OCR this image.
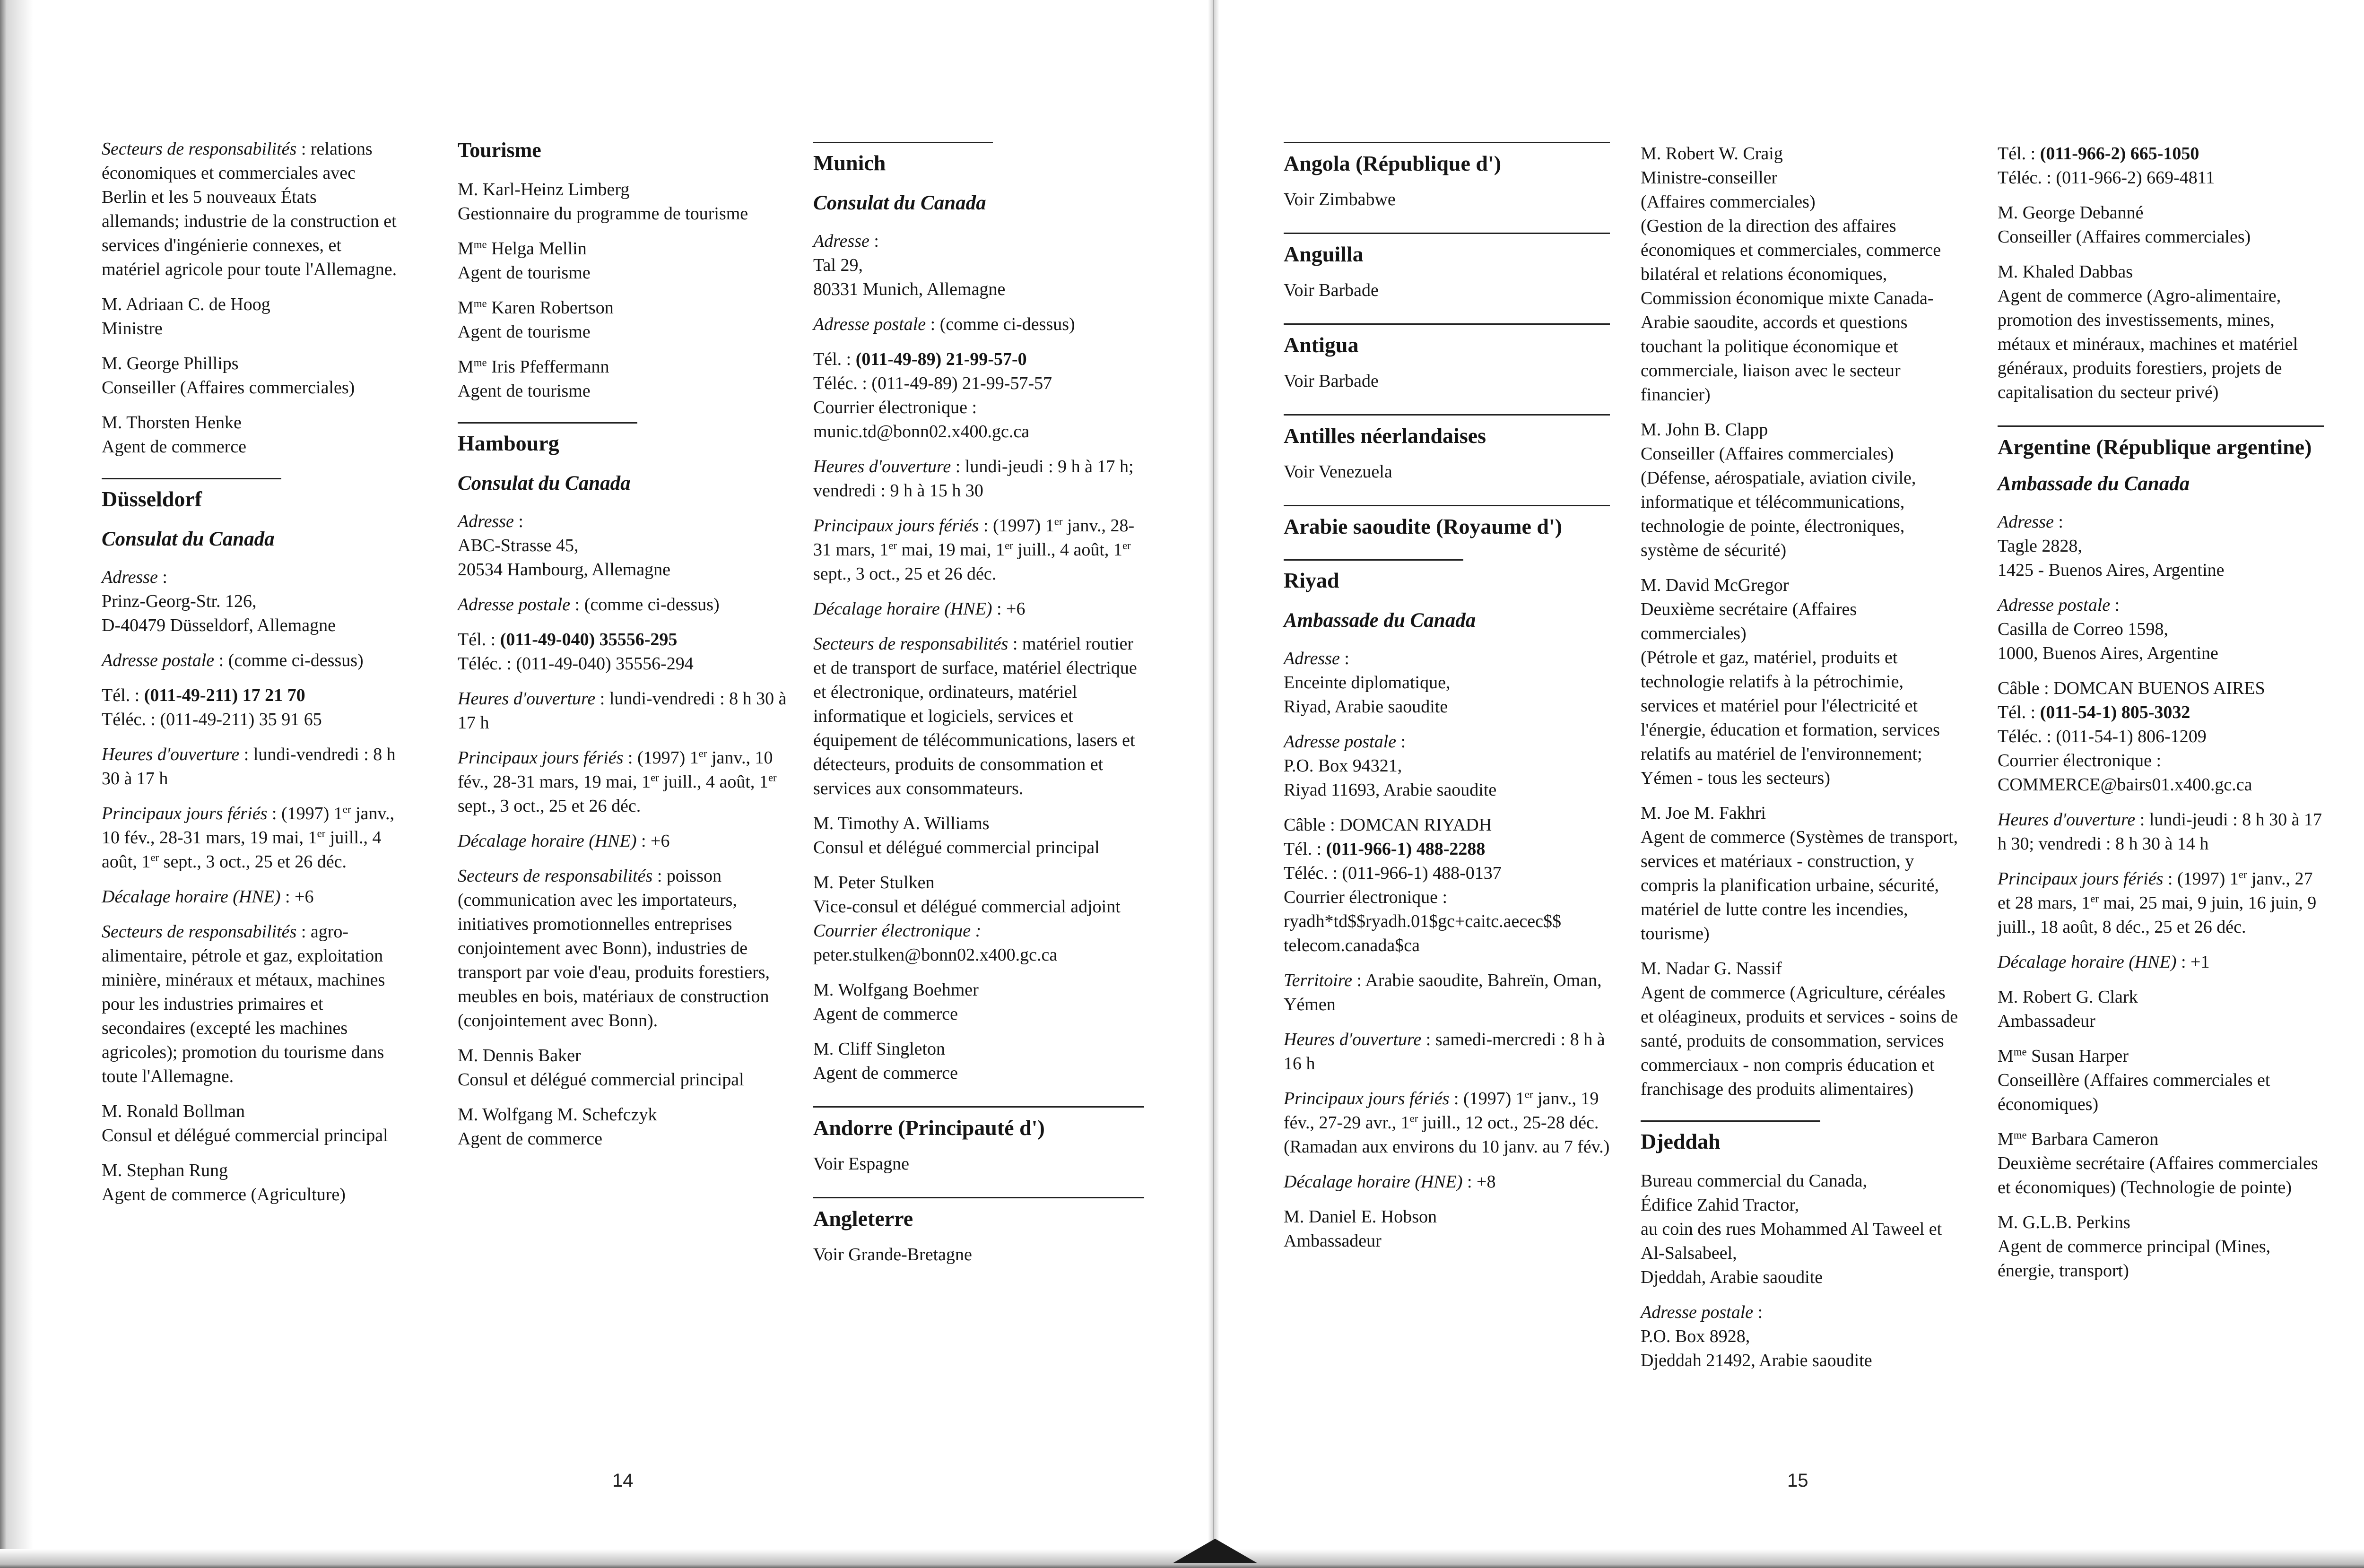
Secteurs de responsabilités : relations économiques et commerciales avec Berlin et les 5 nouveaux États allemands; industrie de la construction et services d'ingénierie connexes, et matériel agricole pour toute l'Allemagne.

M. Adriaan C. de Hoog
Ministre

M. George Phillips
Conseiller (Affaires commerciales)

M. Thorsten Henke
Agent de commerce

Düsseldorf

Consulat du Canada

Adresse :
Prinz-Georg-Str. 126,
D-40479 Düsseldorf, Allemagne

Adresse postale : (comme ci-dessus)

Tél. : (011-49-211) 17 21 70
Téléc. : (011-49-211) 35 91 65

Heures d'ouverture : lundi-vendredi : 8 h 30 à 17 h

Principaux jours fériés : (1997) 1er janv., 10 fév., 28-31 mars, 19 mai, 1er juill., 4 août, 1er sept., 3 oct., 25 et 26 déc.

Décalage horaire (HNE) : +6

Secteurs de responsabilités : agro-alimentaire, pétrole et gaz, exploitation minière, minéraux et métaux, machines pour les industries primaires et secondaires (excepté les machines agricoles); promotion du tourisme dans toute l'Allemagne.

M. Ronald Bollman
Consul et délégué commercial principal

M. Stephan Rung
Agent de commerce (Agriculture)

Tourisme

M. Karl-Heinz Limberg
Gestionnaire du programme de tourisme

$M^{me}$ Helga Mellin
Agent de tourisme

$M^{me}$ Karen Robertson
Agent de tourisme

$M^{me}$ Iris Pfeffermann
Agent de tourisme

Hambourg

Consulat du Canada

Adresse :
ABC-Strasse 45,
20534 Hambourg, Allemagne

Adresse postale : (comme ci-dessus)

Tél. : (011-49-040) 35556-295
Téléc. : (011-49-040) 35556-294

Heures d'ouverture : lundi-vendredi : 8 h 30 à 17 h

Principaux jours fériés : (1997) 1er janv., 10 fév., 28-31 mars, 19 mai, 1er juill., 4 août, 1er sept., 3 oct., 25 et 26 déc.

Décalage horaire (HNE) : +6

Secteurs de responsabilités : poisson (communication avec les importateurs, initiatives promotionnelles entreprises conjointement avec Bonn), industries de transport par voie d'eau, produits forestiers, meubles en bois, matériaux de construction (conjointement avec Bonn).

M. Dennis Baker
Consul et délégué commercial principal

M. Wolfgang M. Schefczyk
Agent de commerce

Munich

Consulat du Canada

Adresse :
Tal 29,
80331 Munich, Allemagne

Adresse postale : (comme ci-dessus)

Tél. : (011-49-89) 21-99-57-0
Téléc. : (011-49-89) 21-99-57-57
Courrier électronique :
munic.td@bonn02.x400.gc.ca

Heures d'ouverture : lundi-jeudi : 9 h à 17 h; vendredi : 9 h à 15 h 30

Principaux jours fériés : (1997) 1er janv., 28-31 mars, 1er mai, 19 mai, 1er juill., 4 août, 1er sept., 3 oct., 25 et 26 déc.

Décalage horaire (HNE) : +6

Secteurs de responsabilités : matériel routier et de transport de surface, matériel électrique et électronique, ordinateurs, matériel informatique et logiciels, services et équipement de télécommunications, lasers et détecteurs, produits de consommation et services aux consommateurs.

M. Timothy A. Williams
Consul et délégué commercial principal

M. Peter Stulken
Vice-consul et délégué commercial adjoint
Courrier électronique :
peter.stulken@bonn02.x400.gc.ca

M. Wolfgang Boehmer
Agent de commerce

M. Cliff Singleton
Agent de commerce

Andorre (Principauté d')

Voir Espagne

Angleterre

Voir Grande-Bretagne

14

Angola (République d')

Voir Zimbabwe

Anguilla

Voir Barbade

Antigua

Voir Barbade

Antilles néerlandaises

Voir Venezuela

Arabie saoudite (Royaume d')

Riyad

Ambassade du Canada

Adresse :
Enceinte diplomatique,
Riyad, Arabie saoudite

Adresse postale :
P.O. Box 94321,
Riyad 11693, Arabie saoudite

Câble : DOMCAN RIYADH
Tél. : (011-966-1) 488-2288
Téléc. : (011-966-1) 488-0137
Courrier électronique :
ryadh*td$$ryadh.01$gc+caitc.aecec$$
telecom.canada$ca

Territoire : Arabie saoudite, Bahreïn, Oman, Yémen

Heures d'ouverture : samedi-mercredi : 8 h à 16 h

Principaux jours fériés : (1997) 1er janv., 19 fév., 27-29 avr., 1er juill., 12 oct., 25-28 déc. (Ramadan aux environs du 10 janv. au 7 fév.)

Décalage horaire (HNE) : +8

M. Daniel E. Hobson
Ambassadeur

M. Robert W. Craig
Ministre-conseiller
(Affaires commerciales)
(Gestion de la direction des affaires économiques et commerciales, commerce bilatéral et relations économiques, Commission économique mixte Canada-Arabie saoudite, accords et questions touchant la politique économique et commerciale, liaison avec le secteur financier)

M. John B. Clapp
Conseiller (Affaires commerciales)
(Défense, aérospatiale, aviation civile, informatique et télécommunications, technologie de pointe, électroniques, système de sécurité)

M. David McGregor
Deuxième secrétaire (Affaires commerciales)
(Pétrole et gaz, matériel, produits et technologie relatifs à la pétrochimie, services et matériel pour l'électricité et l'énergie, éducation et formation, services relatifs au matériel de l'environnement; Yémen - tous les secteurs)

M. Joe M. Fakhri
Agent de commerce (Systèmes de transport, services et matériaux - construction, y compris la planification urbaine, sécurité, matériel de lutte contre les incendies, tourisme)

M. Nadar G. Nassif
Agent de commerce (Agriculture, céréales et oléagineux, produits et services - soins de santé, produits de consommation, services commerciaux - non compris éducation et franchisage des produits alimentaires)

Djeddah

Bureau commercial du Canada,
Édifice Zahid Tractor,
au coin des rues Mohammed Al Taweel et Al-Salsabeel,
Djeddah, Arabie saoudite

Adresse postale :
P.O. Box 8928,
Djeddah 21492, Arabie saoudite

15

Tél. : (011-966-2) 665-1050
Téléc. : (011-966-2) 669-4811

M. George Debanné
Conseiller (Affaires commerciales)

M. Khaled Dabbas
Agent de commerce (Agro-alimentaire, promotion des investissements, mines, métaux et minéraux, machines et matériel généraux, produits forestiers, projets de capitalisation du secteur privé)

Argentine (République argentine)

Ambassade du Canada

Adresse :
Tagle 2828,
1425 - Buenos Aires, Argentine

Adresse postale :
Casilla de Correo 1598,
1000, Buenos Aires, Argentine

Câble : DOMCAN BUENOS AIRES
Tél. : (011-54-1) 805-3032
Téléc. : (011-54-1) 806-1209
Courrier électronique :
COMMERCE@bairs01.x400.gc.ca

Heures d'ouverture : lundi-jeudi : 8 h 30 à 17 h 30; vendredi : 8 h 30 à 14 h

Principaux jours fériés : (1997) 1er janv., 27 et 28 mars, 1er mai, 25 mai, 9 juin, 16 juin, 9 juill., 18 août, 8 déc., 25 et 26 déc.

Décalage horaire (HNE) : +1

M. Robert G. Clark
Ambassadeur

$M^{me}$ Susan Harper
Conseillère (Affaires commerciales et économiques)

$M^{me}$ Barbara Cameron
Deuxième secrétaire (Affaires commerciales et économiques) (Technologie de pointe)

M. G.L.B. Perkins
Agent de commerce principal (Mines, énergie, transport)
